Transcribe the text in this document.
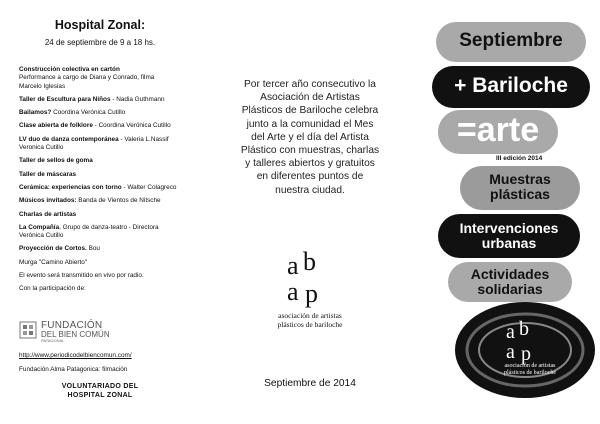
Hospital Zonal:
24 de septiembre de 9 a 18 hs.
Construcción colectiva en cartón
Performance a cargo de Diana y Conrado, filma
Marcelo Iglesias
Taller de Escultura para Niños - Nadia Guthmann
Bailamos? Coordina Verónica Cutillo
Clase abierta de folklore - Coordina Verónica Cutillo
LV duo de danza contemporánea - Valeria L.Nassif
Veronica Cutillo
Taller de sellos de goma
Taller de máscaras
Cerámica: experiencias con torno - Walter Colagreco
Músicos invitados: Banda de Vientos de Nitsche
Charlas de artistas
La Compañía, Grupo de danza-teatro - Directora
Verónica Cutillo
Proyección de Cortos. Bou
Murga "Camino Abierto"
El evento será transmitido en vivo por radio.
Con la participación de:
FUNDACIÓN
DEL BIEN COMÚN
PATAGONIA
http://www.periodicodelbiencomun.com/
Fundación Alma Patagonica: filmación
VOLUNTARIADO DEL
HOSPITAL ZONAL
Por tercer año consecutivo la
Asociación de Artistas
Plásticos de Bariloche celebra
junto a la comunidad el Mes
del Arte y el día del Artista
Plástico con muestras, charlas
y talleres abiertos y gratuitos
en diferentes puntos de
nuestra ciudad.
a b
a p
asociación de artistas
plásticos de bariloche
Septiembre de 2014
a b
a p
Septiembre
+ Bariloche
=arte
III edición 2014
Muestras
plásticas
Intervenciones
urbanas
Actividades
solidarias
asociación de artistas
plásticos de bariloche
